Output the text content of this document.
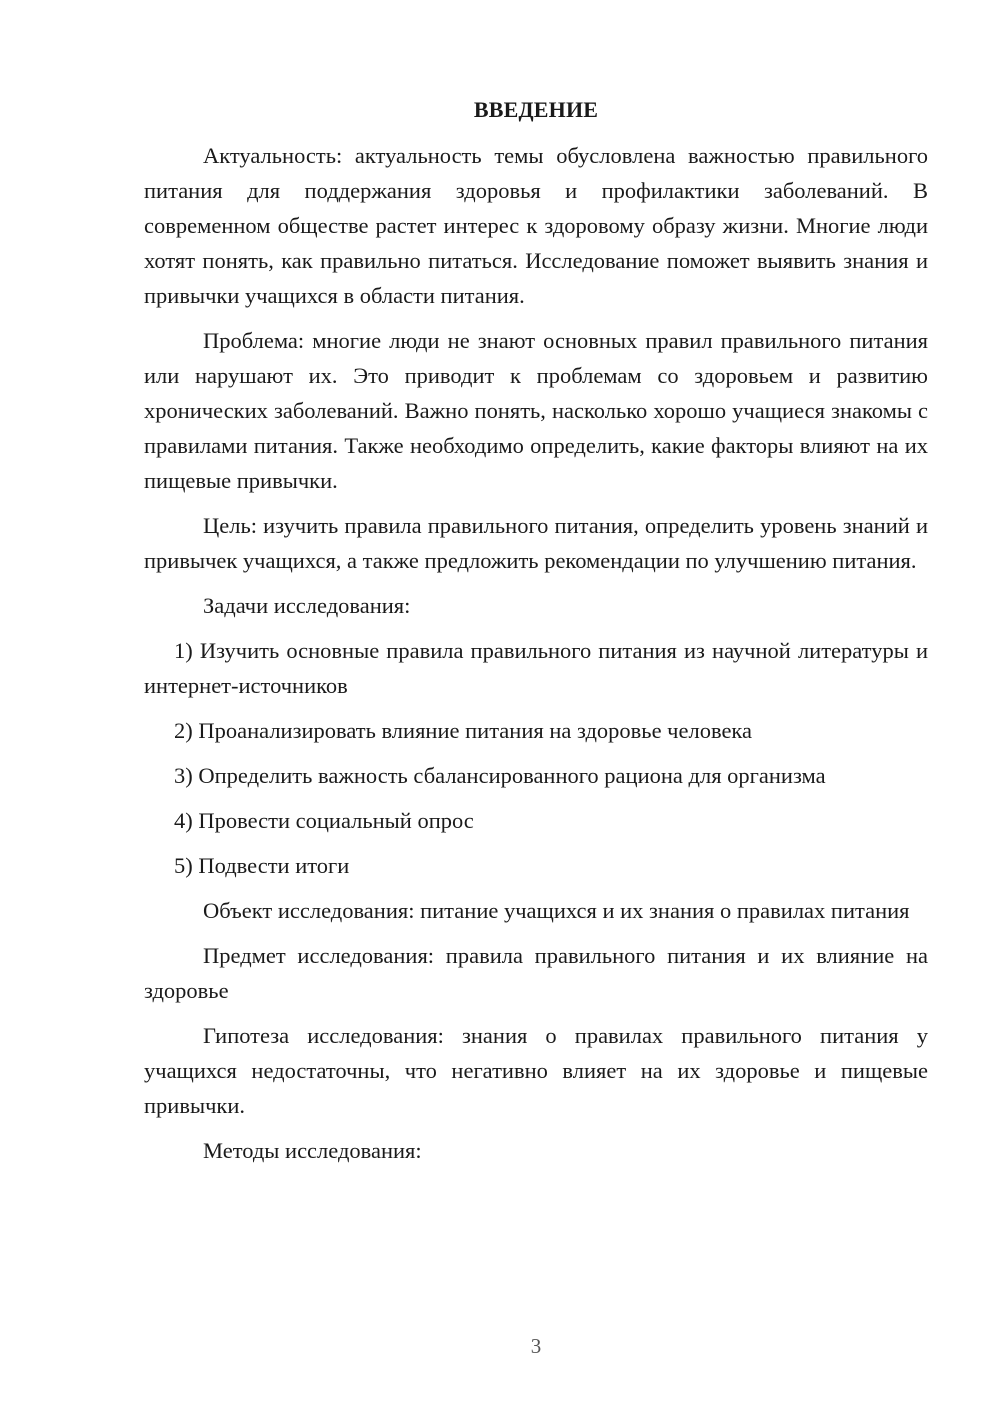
ВВЕДЕНИЕ

Актуальность: актуальность темы обусловлена важностью правильного питания для поддержания здоровья и профилактики заболеваний. В современном обществе растет интерес к здоровому образу жизни. Многие люди хотят понять, как правильно питаться. Исследование поможет выявить знания и привычки учащихся в области питания.

Проблема: многие люди не знают основных правил правильного питания или нарушают их. Это приводит к проблемам со здоровьем и развитию хронических заболеваний. Важно понять, насколько хорошо учащиеся знакомы с правилами питания. Также необходимо определить, какие факторы влияют на их пищевые привычки.

Цель: изучить правила правильного питания, определить уровень знаний и привычек учащихся, а также предложить рекомендации по улучшению питания.

Задачи исследования:

1) Изучить основные правила правильного питания из научной литературы и интернет-источников

2) Проанализировать влияние питания на здоровье человека

3) Определить важность сбалансированного рациона для организма

4) Провести социальный опрос

5) Подвести итоги

Объект исследования: питание учащихся и их знания о правилах питания

Предмет исследования: правила правильного питания и их влияние на здоровье

Гипотеза исследования: знания о правилах правильного питания у учащихся недостаточны, что негативно влияет на их здоровье и пищевые привычки.

Методы исследования:

3
